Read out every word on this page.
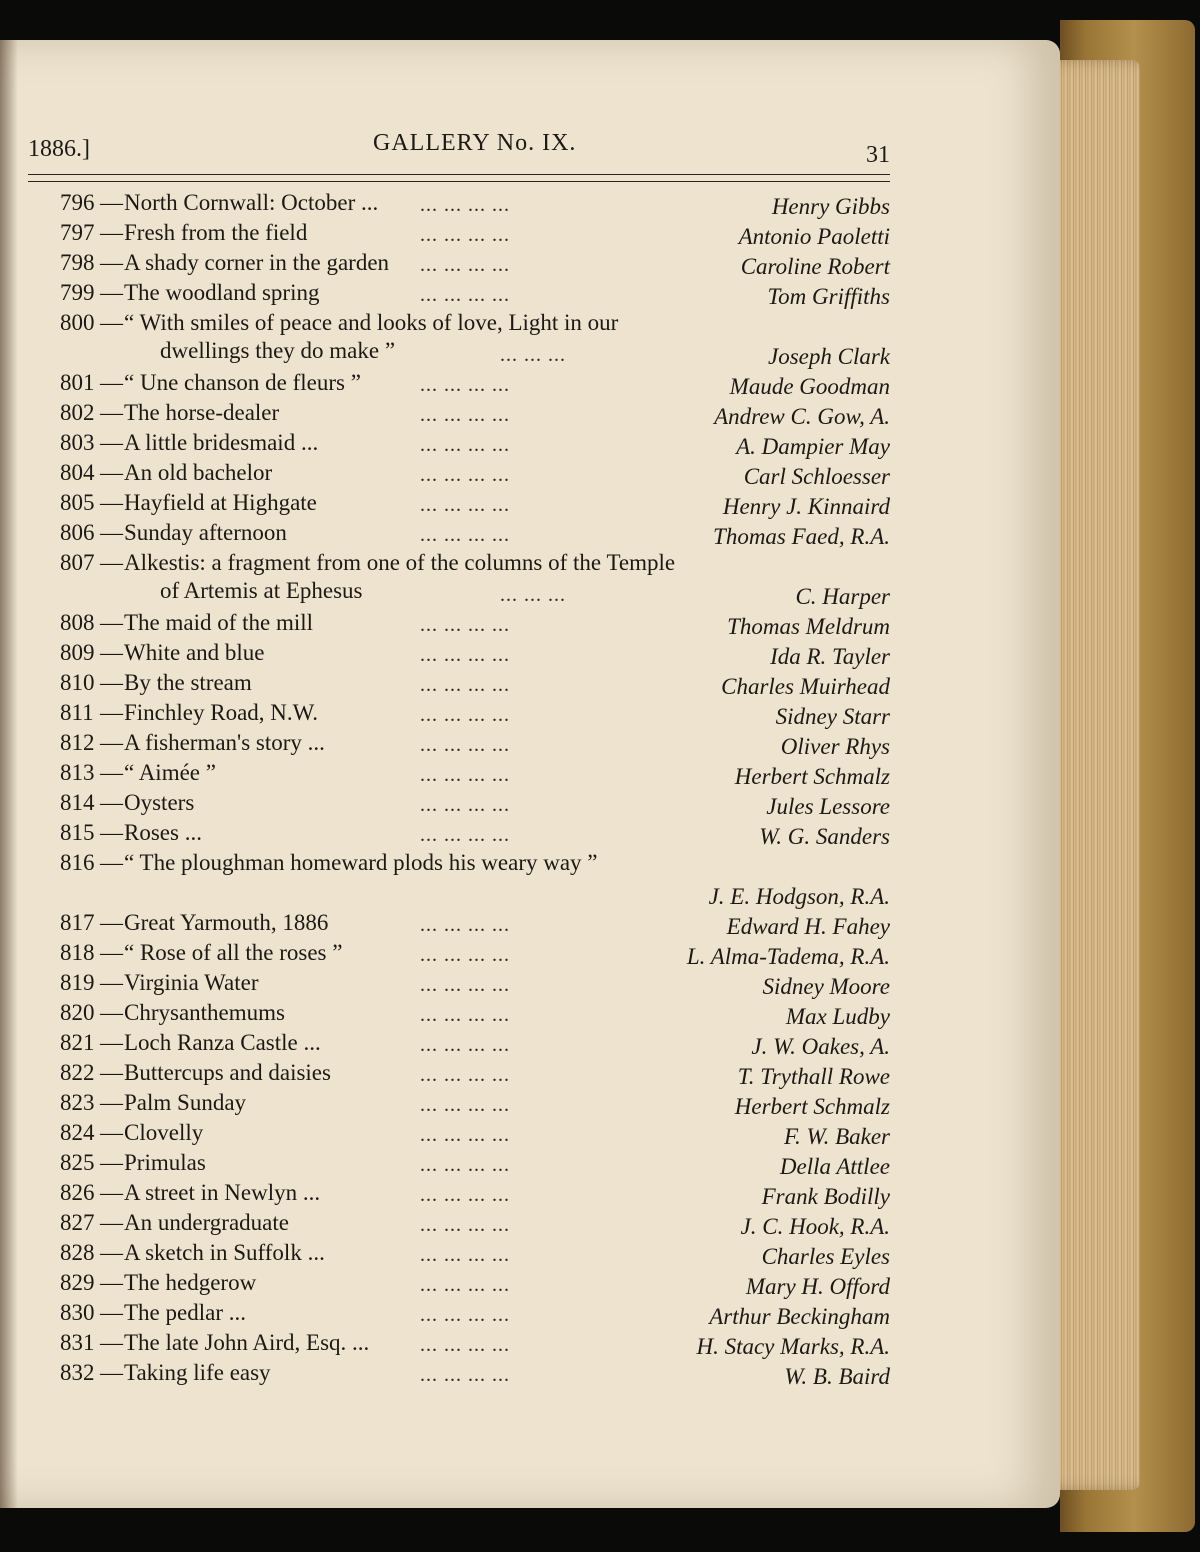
1886.]	GALLERY No. IX.	31
796 — North Cornwall: October ... ... ... ... ...	Henry Gibbs
797 — Fresh from the field	... ... ... ...	Antonio Paoletti
798 — A shady corner in the garden ... ... ... ...	Caroline Robert
799 — The woodland spring	... ... ... ...	Tom Griffiths
800 — “ With smiles of peace and looks of love, Light in our
dwellings they do make ”	... ... ...	Joseph Clark
801 — “ Une chanson de fleurs ”	... ... ... ...	Maude Goodman
802 — The horse-dealer	... ... ... ...	Andrew C. Gow, A.
803 — A little bridesmaid ...	... ... ... ...	A. Dampier May
804 — An old bachelor	... ... ... ...	Carl Schloesser
805 — Hayfield at Highgate	... ... ... ...	Henry J. Kinnaird
806 — Sunday afternoon	... ... ... ...	Thomas Faed, R.A.
807 — Alkestis: a fragment from one of the columns of the Temple
of Artemis at Ephesus	... ... ...	C. Harper
808 — The maid of the mill	... ... ... ...	Thomas Meldrum
809 — White and blue	... ... ... ...	Ida R. Tayler
810 — By the stream	... ... ... ...	Charles Muirhead
811 — Finchley Road, N.W.	... ... ... ...	Sidney Starr
812 — A fisherman's story ...	... ... ... ...	Oliver Rhys
813 — “ Aimée ”	... ... ... ...	Herbert Schmalz
814 — Oysters	... ... ... ...	Jules Lessore
815 — Roses ...	... ... ... ...	W. G. Sanders
816 — “ The ploughman homeward plods his weary way ”
J. E. Hodgson, R.A.
817 — Great Yarmouth, 1886	... ... ... ...	Edward H. Fahey
818 — “ Rose of all the roses ”	... ... ... ...	L. Alma-Tadema, R.A.
819 — Virginia Water	... ... ... ...	Sidney Moore
820 — Chrysanthemums	... ... ... ...	Max Ludby
821 — Loch Ranza Castle ...	... ... ... ...	J. W. Oakes, A.
822 — Buttercups and daisies	... ... ... ...	T. Trythall Rowe
823 — Palm Sunday	... ... ... ...	Herbert Schmalz
824 — Clovelly	... ... ... ...	F. W. Baker
825 — Primulas	... ... ... ...	Della Attlee
826 — A street in Newlyn ...	... ... ... ...	Frank Bodilly
827 — An undergraduate	... ... ... ...	J. C. Hook, R.A.
828 — A sketch in Suffolk ...	... ... ... ...	Charles Eyles
829 — The hedgerow	... ... ... ...	Mary H. Offord
830 — The pedlar ...	... ... ... ...	Arthur Beckingham
831 — The late John Aird, Esq. ...	... ... ... ...	H. Stacy Marks, R.A.
832 — Taking life easy	... ... ... ...	W. B. Baird
